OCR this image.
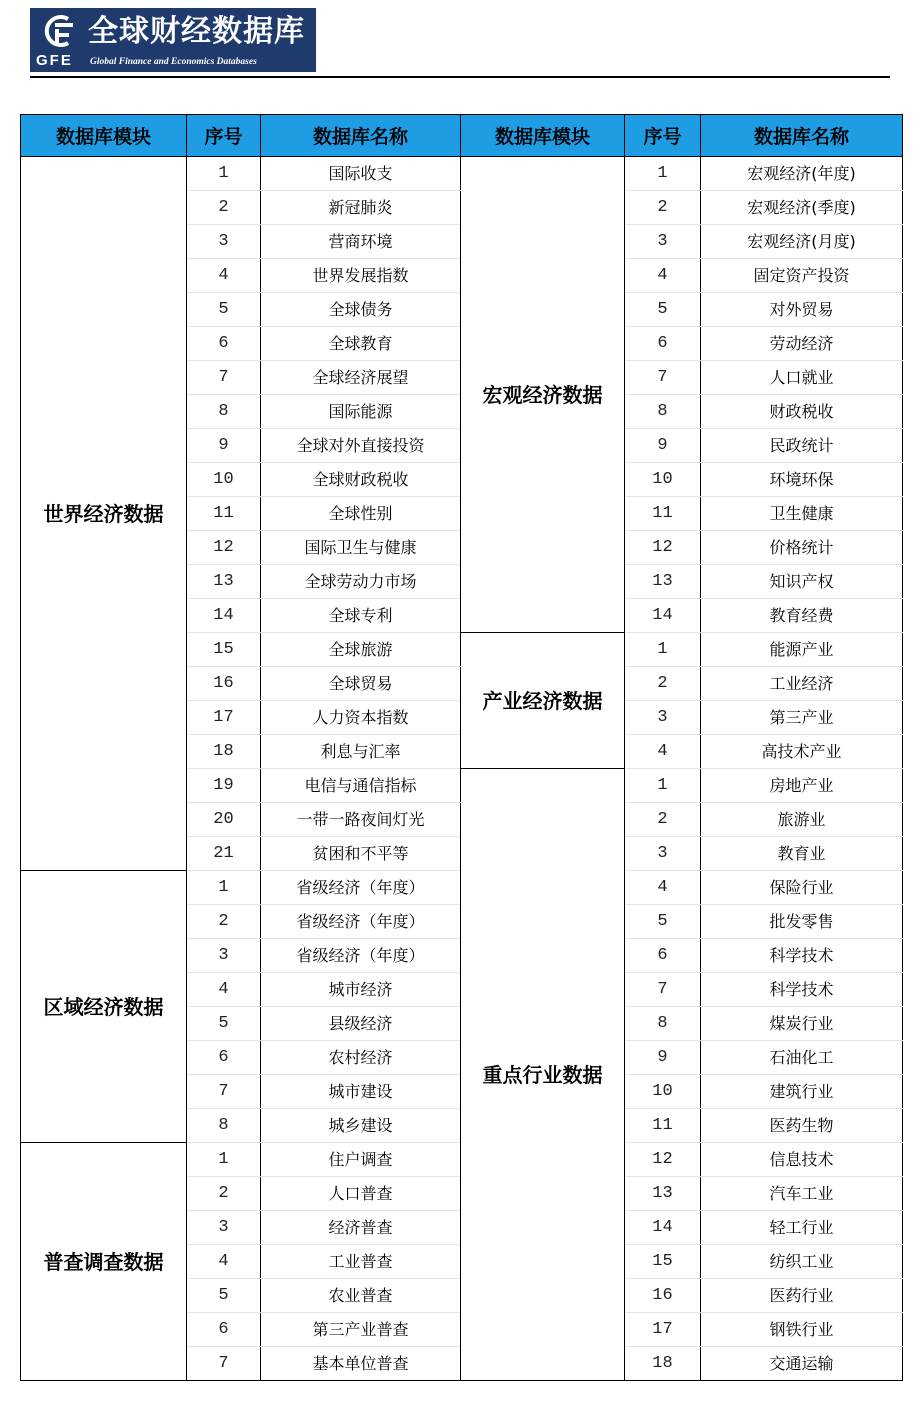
全球财经数据库
GFE Global Finance and Economics Databases
数据库模块	序号	数据库名称	数据库模块	序号	数据库名称
世界经济数据	1	国际收支	宏观经济数据	1	宏观经济(年度)
	2	新冠肺炎		2	宏观经济(季度)
	3	营商环境		3	宏观经济(月度)
	4	世界发展指数		4	固定资产投资
	5	全球债务		5	对外贸易
	6	全球教育		6	劳动经济
	7	全球经济展望		7	人口就业
	8	国际能源		8	财政税收
	9	全球对外直接投资		9	民政统计
	10	全球财政税收		10	环境环保
	11	全球性别		11	卫生健康
	12	国际卫生与健康		12	价格统计
	13	全球劳动力市场		13	知识产权
	14	全球专利		14	教育经费
	15	全球旅游	产业经济数据	1	能源产业
	16	全球贸易		2	工业经济
	17	人力资本指数		3	第三产业
	18	利息与汇率		4	高技术产业
	19	电信与通信指标	重点行业数据	1	房地产业
	20	一带一路夜间灯光		2	旅游业
	21	贫困和不平等		3	教育业
区域经济数据	1	省级经济（年度）		4	保险行业
	2	省级经济（年度）		5	批发零售
	3	省级经济（年度）		6	科学技术
	4	城市经济		7	科学技术
	5	县级经济		8	煤炭行业
	6	农村经济		9	石油化工
	7	城市建设		10	建筑行业
	8	城乡建设		11	医药生物
普查调查数据	1	住户调查		12	信息技术
	2	人口普查		13	汽车工业
	3	经济普查		14	轻工行业
	4	工业普查		15	纺织工业
	5	农业普查		16	医药行业
	6	第三产业普查		17	钢铁行业
	7	基本单位普查		18	交通运输
